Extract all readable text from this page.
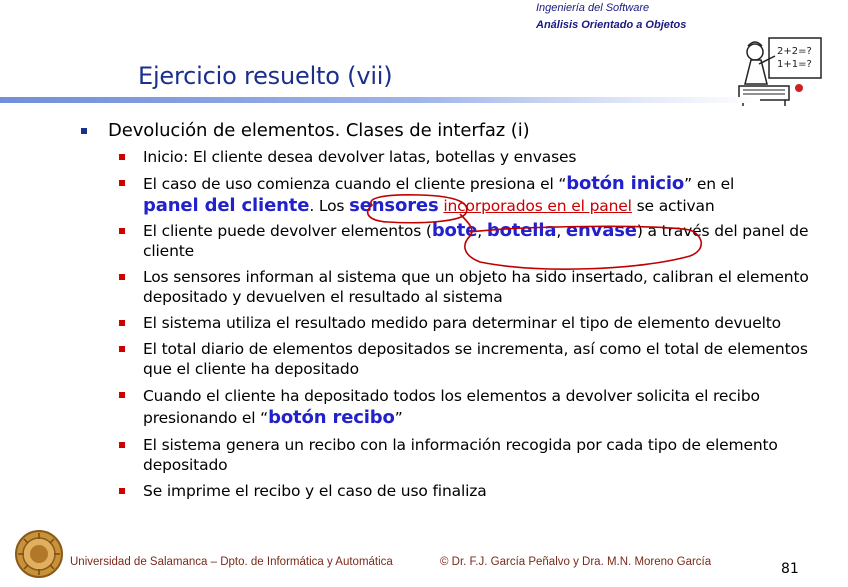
Ingeniería del Software
Análisis Orientado a Objetos
2+2=?
1+1=?
Ejercicio resuelto (vii)
Devolución de elementos. Clases de interfaz (i)
Inicio: El cliente desea devolver latas, botellas y envases
El caso de uso comienza cuando el cliente presiona el “botón inicio” en el
panel del cliente. Los sensores incorporados en el panel se activan
El cliente puede devolver elementos (bote, botella, envase) a través del panel de cliente
Los sensores informan al sistema que un objeto ha sido insertado, calibran el elemento depositado y devuelven el resultado al sistema
El sistema utiliza el resultado medido para determinar el tipo de elemento devuelto
El total diario de elementos depositados se incrementa, así como el total de elementos que el cliente ha depositado
Cuando el cliente ha depositado todos los elementos a devolver solicita el recibo presionando el “botón recibo”
El sistema genera un recibo con la información recogida por cada tipo de elemento depositado
Se imprime el recibo y el caso de uso finaliza
Universidad de Salamanca – Dpto. de Informática y Automática	© Dr. F.J. García Peñalvo y Dra. M.N. Moreno García	81
